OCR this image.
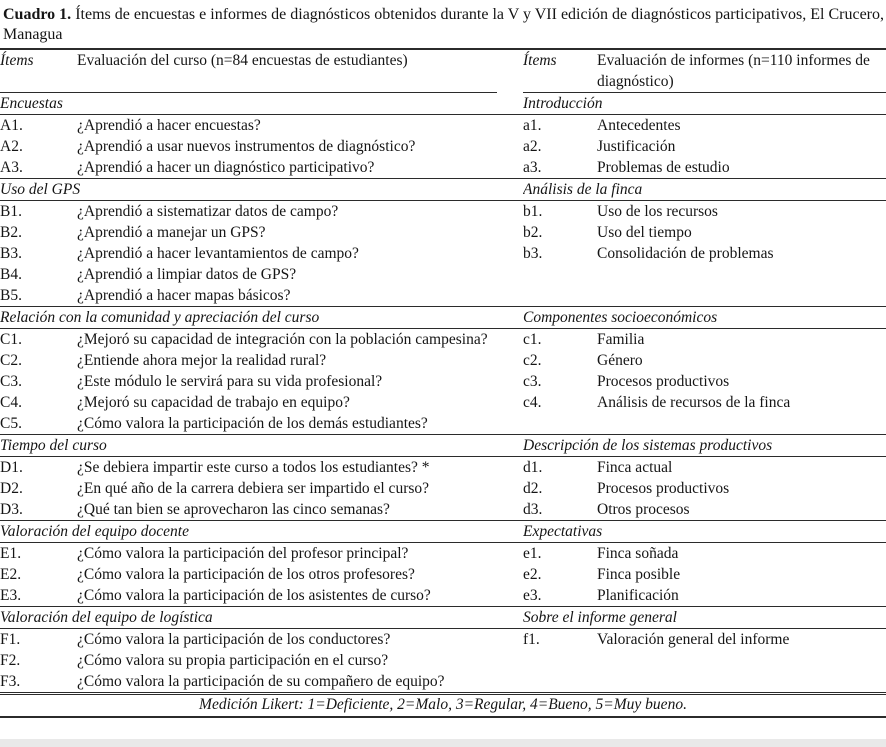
Cuadro 1. Ítems de encuestas e informes de diagnósticos obtenidos durante la V y VII edición de diagnósticos participativos, El Crucero, Managua
Ítems	Evaluación del curso (n=84 encuestas de estudiantes)		Ítems	Evaluación de informes (n=110 informes de diagnóstico)
Encuestas			Introducción	
A1.	¿Aprendió a hacer encuestas?		a1.	Antecedentes
A2.	¿Aprendió a usar nuevos instrumentos de diagnóstico?		a2.	Justificación
A3.	¿Aprendió a hacer un diagnóstico participativo?		a3.	Problemas de estudio
Uso del GPS			Análisis de la finca	
B1.	¿Aprendió a sistematizar datos de campo?		b1.	Uso de los recursos
B2.	¿Aprendió a manejar un GPS?		b2.	Uso del tiempo
B3.	¿Aprendió a hacer levantamientos de campo?		b3.	Consolidación de problemas
B4.	¿Aprendió a limpiar datos de GPS?			
B5.	¿Aprendió a hacer mapas básicos?			
Relación con la comunidad y apreciación del curso			Componentes socioeconómicos	
C1.	¿Mejoró su capacidad de integración con la población campesina?		c1.	Familia
C2.	¿Entiende ahora mejor la realidad rural?		c2.	Género
C3.	¿Este módulo le servirá para su vida profesional?		c3.	Procesos productivos
C4.	¿Mejoró su capacidad de trabajo en equipo?		c4.	Análisis de recursos de la finca
C5.	¿Cómo valora la participación de los demás estudiantes?			
Tiempo del curso			Descripción de los sistemas productivos	
D1.	¿Se debiera impartir este curso a todos los estudiantes? *		d1.	Finca actual
D2.	¿En qué año de la carrera debiera ser impartido el curso?		d2.	Procesos productivos
D3.	¿Qué tan bien se aprovecharon las cinco semanas?		d3.	Otros procesos
Valoración del equipo docente			Expectativas	
E1.	¿Cómo valora la participación del profesor principal?		e1.	Finca soñada
E2.	¿Cómo valora la participación de los otros profesores?		e2.	Finca posible
E3.	¿Cómo valora la participación de los asistentes de curso?		e3.	Planificación
Valoración del equipo de logística			Sobre el informe general	
F1.	¿Cómo valora la participación de los conductores?		f1.	Valoración general del informe
F2.	¿Cómo valora su propia participación en el curso?			
F3.	¿Cómo valora la participación de su compañero de equipo?			
Medición Likert: 1=Deficiente, 2=Malo, 3=Regular, 4=Bueno, 5=Muy bueno.				
